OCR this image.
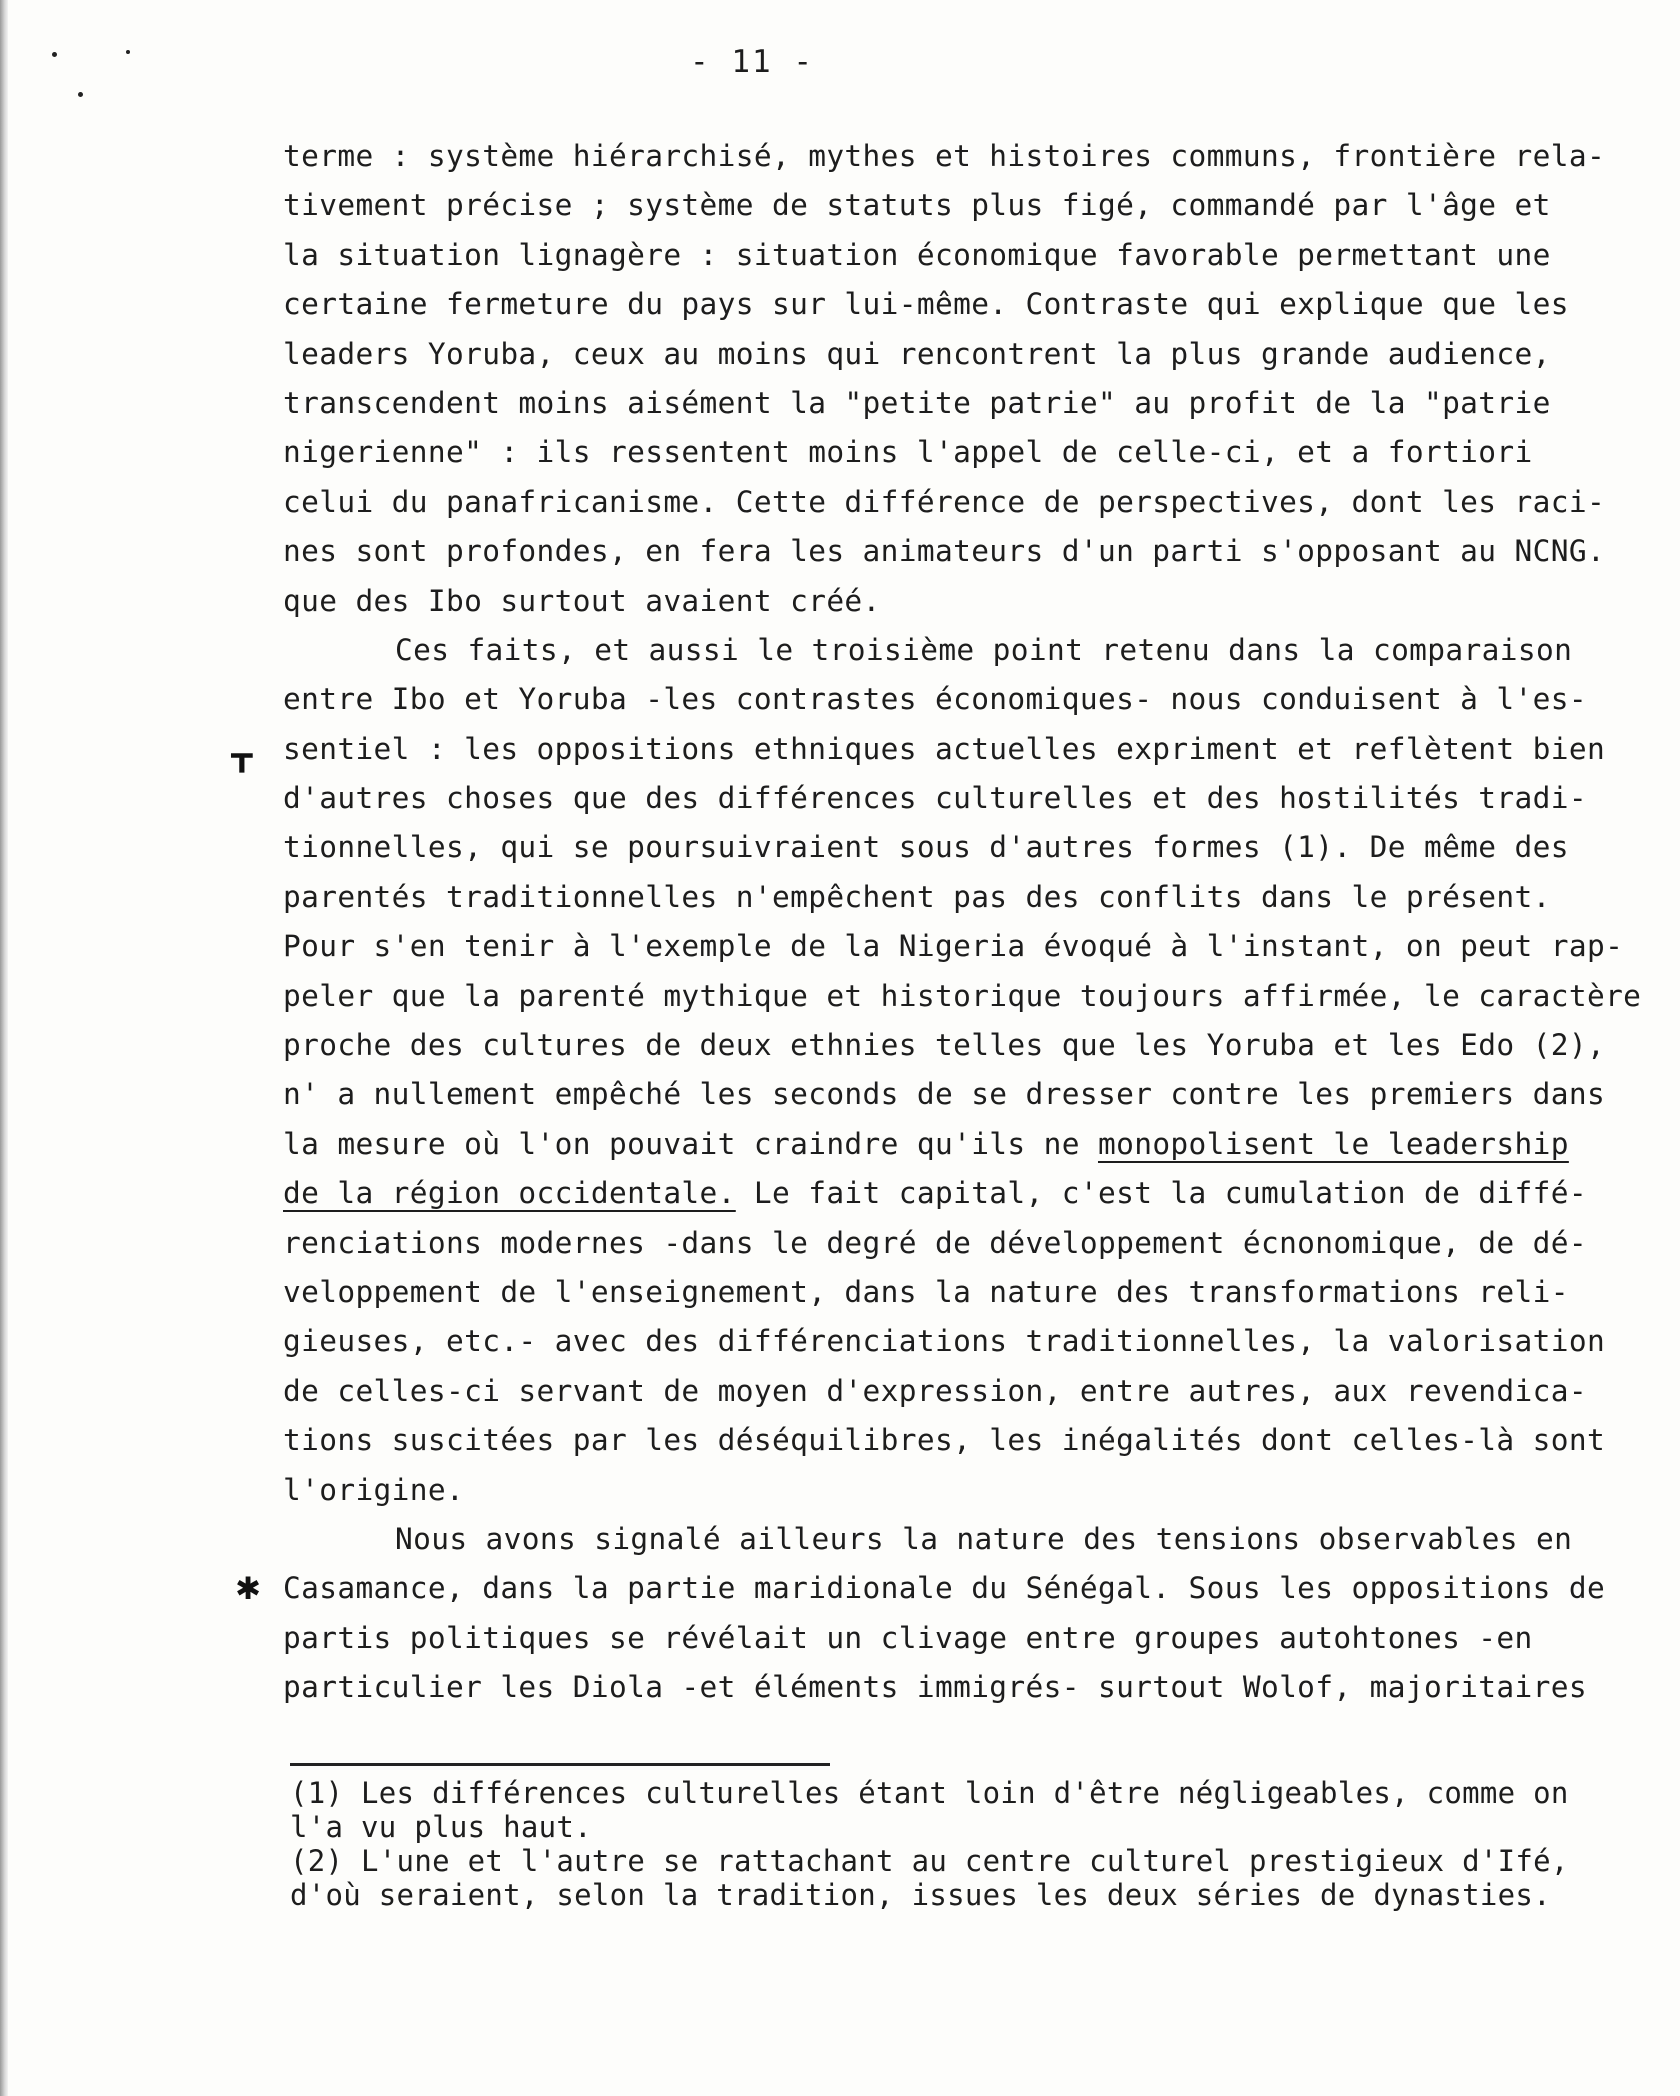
- 11 -
terme : système hiérarchisé, mythes et histoires communs, frontière rela-
tivement précise ; système de statuts plus figé, commandé par l'âge et
la situation lignagère : situation économique favorable permettant une
certaine fermeture du pays sur lui-même. Contraste qui explique que les
leaders Yoruba, ceux au moins qui rencontrent la plus grande audience,
transcendent moins aisément la "petite patrie" au profit de la "patrie
nigerienne" : ils ressentent moins l'appel de celle-ci, et a fortiori
celui du panafricanisme. Cette différence de perspectives, dont les raci-
nes sont profondes, en fera les animateurs d'un parti s'opposant au NCNG.
que des Ibo surtout avaient créé.
Ces faits, et aussi le troisième point retenu dans la comparaison
entre Ibo et Yoruba -les contrastes économiques- nous conduisent à l'es-
sentiel : les oppositions ethniques actuelles expriment et reflètent bien
d'autres choses que des différences culturelles et des hostilités tradi-
tionnelles, qui se poursuivraient sous d'autres formes (1). De même des
parentés traditionnelles n'empêchent pas des conflits dans le présent.
Pour s'en tenir à l'exemple de la Nigeria évoqué à l'instant, on peut rap-
peler que la parenté mythique et historique toujours affirmée, le caractère
proche des cultures de deux ethnies telles que les Yoruba et les Edo (2),
n' a nullement empêché les seconds de se dresser contre les premiers dans
la mesure où l'on pouvait craindre qu'ils ne monopolisent le leadership
de la région occidentale. Le fait capital, c'est la cumulation de diffé-
renciations modernes -dans le degré de développement écnonomique, de dé-
veloppement de l'enseignement, dans la nature des transformations reli-
gieuses, etc.- avec des différenciations traditionnelles, la valorisation
de celles-ci servant de moyen d'expression, entre autres, aux revendica-
tions suscitées par les déséquilibres, les inégalités dont celles-là sont
l'origine.
Nous avons signalé ailleurs la nature des tensions observables en
Casamance, dans la partie maridionale du Sénégal. Sous les oppositions de
partis politiques se révélait un clivage entre groupes autohtones -en
particulier les Diola -et éléments immigrés- surtout Wolof, majoritaires
ᚁ
✱
(1) Les différences culturelles étant loin d'être négligeables, comme on
l'a vu plus haut.
(2) L'une et l'autre se rattachant au centre culturel prestigieux d'Ifé,
d'où seraient, selon la tradition, issues les deux séries de dynasties.
